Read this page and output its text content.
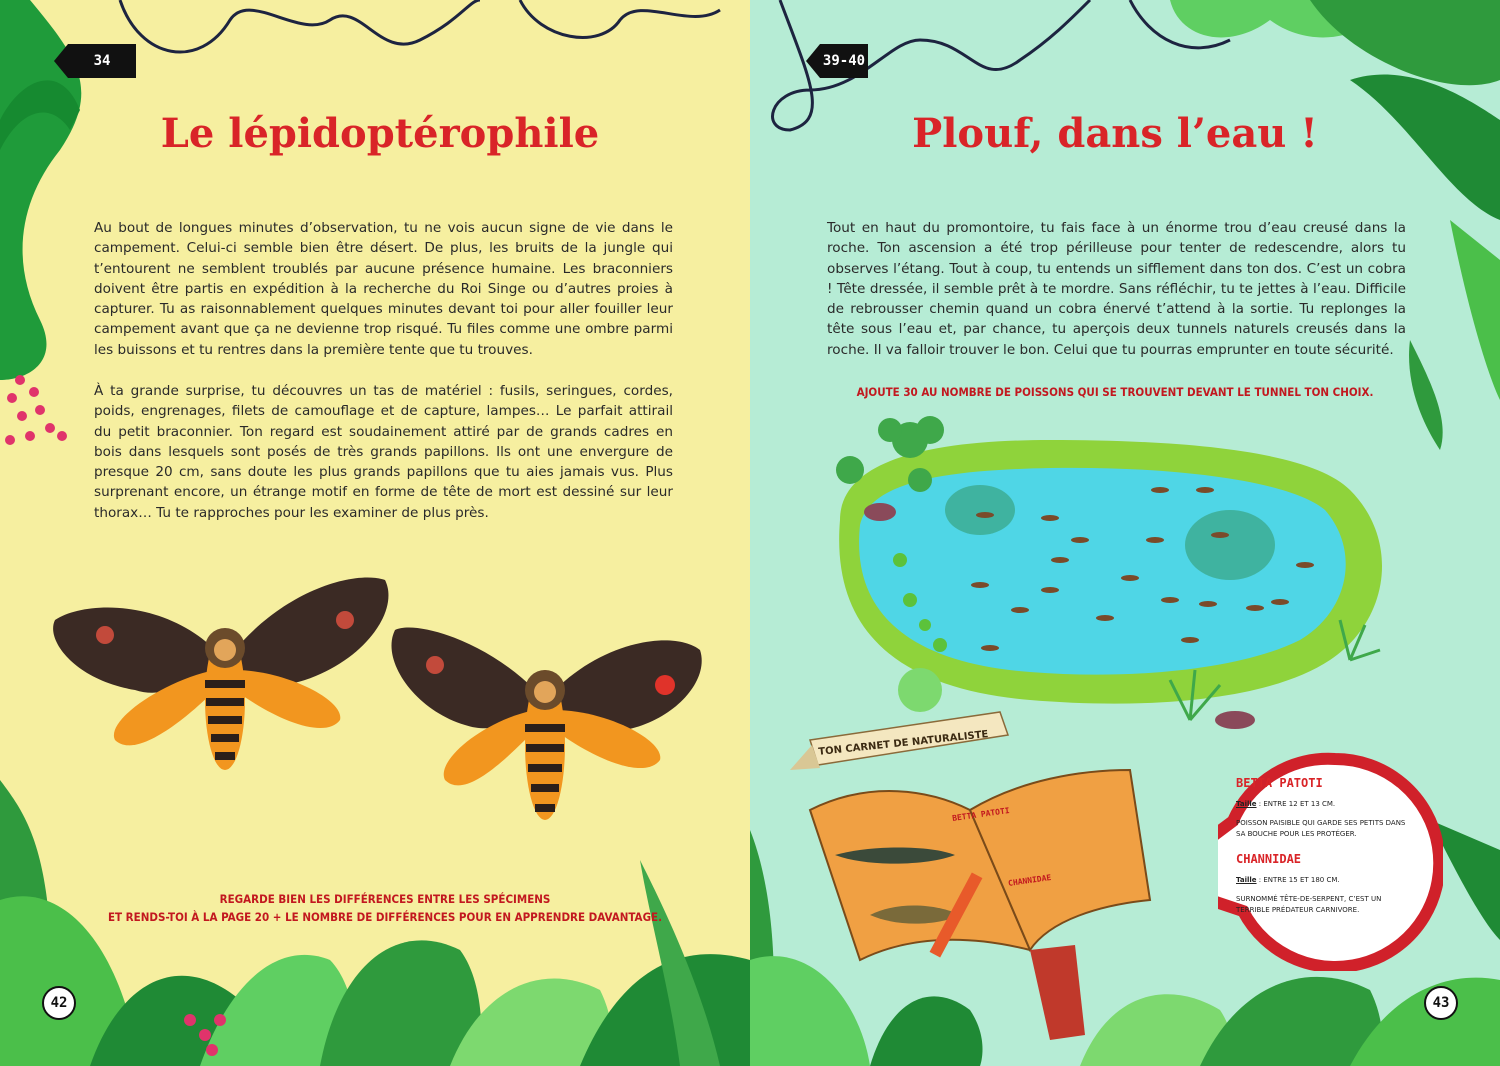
34
Le lépidoptérophile

Au bout de longues minutes d’observation, tu ne vois aucun signe de vie dans le campement. Celui-ci semble bien être désert. De plus, les bruits de la jungle qui t’entourent ne semblent troublés par aucune présence humaine. Les braconniers doivent être partis en expédition à la recherche du Roi Singe ou d’autres proies à capturer. Tu as raisonnablement quelques minutes devant toi pour aller fouiller leur campement avant que ça ne devienne trop risqué. Tu files comme une ombre parmi les buissons et tu rentres dans la première tente que tu trouves.

À ta grande surprise, tu découvres un tas de matériel : fusils, seringues, cordes, poids, engrenages, filets de camouflage et de capture, lampes… Le parfait attirail du petit braconnier. Ton regard est soudainement attiré par de grands cadres en bois dans lesquels sont posés de très grands papillons. Ils ont une envergure de presque 20 cm, sans doute les plus grands papillons que tu aies jamais vus. Plus surprenant encore, un étrange motif en forme de tête de mort est dessiné sur leur thorax… Tu te rapproches pour les examiner de plus près.

REGARDE BIEN LES DIFFÉRENCES ENTRE LES SPÉCIMENS
ET RENDS-TOI À LA PAGE 20 + LE NOMBRE DE DIFFÉRENCES POUR EN APPRENDRE DAVANTAGE.
42
39-40
Plouf, dans l’eau !

Tout en haut du promontoire, tu fais face à un énorme trou d’eau creusé dans la roche. Ton ascension a été trop périlleuse pour tenter de redescendre, alors tu observes l’étang. Tout à coup, tu entends un sifflement dans ton dos. C’est un cobra ! Tête dressée, il semble prêt à te mordre. Sans réfléchir, tu te jettes à l’eau. Difficile de rebrousser chemin quand un cobra énervé t’attend à la sortie. Tu replonges la tête sous l’eau et, par chance, tu aperçois deux tunnels naturels creusés dans la roche. Il va falloir trouver le bon. Celui que tu pourras emprunter en toute sécurité.

AJOUTE 30 AU NOMBRE DE POISSONS QUI SE TROUVENT DEVANT LE TUNNEL TON CHOIX.
TON CARNET DE NATURALISTE
BETTA PATOTI
CHANNIDAE
BETTA PATOTI
Taille : ENTRE 12 ET 13 CM.
POISSON PAISIBLE QUI GARDE SES PETITS DANS SA BOUCHE POUR LES PROTÉGER.
CHANNIDAE
Taille : ENTRE 15 ET 180 CM.
SURNOMMÉ TÊTE-DE-SERPENT, C’EST UN TERRIBLE PRÉDATEUR CARNIVORE.
43
